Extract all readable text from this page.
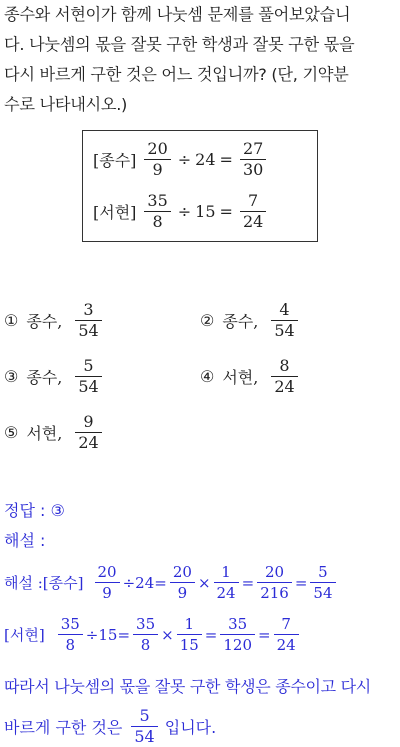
종수와 서현이가 함께 나눗셈 문제를 풀어보았습니
다. 나눗셈의 몫을 잘못 구한 학생과 잘못 구한 몫을
다시 바르게 구한 것은 어느 것입니까? (단, 기약분
수로 나타내시오.)
[종수] $\frac{20}{9} \div 24 = \frac{27}{30}$
[서현] $\frac{35}{8} \div 15 = \frac{7}{24}$
① 종수, $\frac{3}{54}$	② 종수, $\frac{4}{54}$
③ 종수, $\frac{5}{54}$	④ 서현, $\frac{8}{24}$
⑤ 서현, $\frac{9}{24}$
정답 : ③
해설 :
해설 :[종수] $\frac{20}{9} \div 24 = \frac{20}{9} \times \frac{1}{24} = \frac{20}{216} = \frac{5}{54}$
[서현] $\frac{35}{8} \div 15 = \frac{35}{8} \times \frac{1}{15} = \frac{35}{120} = \frac{7}{24}$
따라서 나눗셈의 몫을 잘못 구한 학생은 종수이고 다시
바르게 구한 것은 $\frac{5}{54}$ 입니다.
